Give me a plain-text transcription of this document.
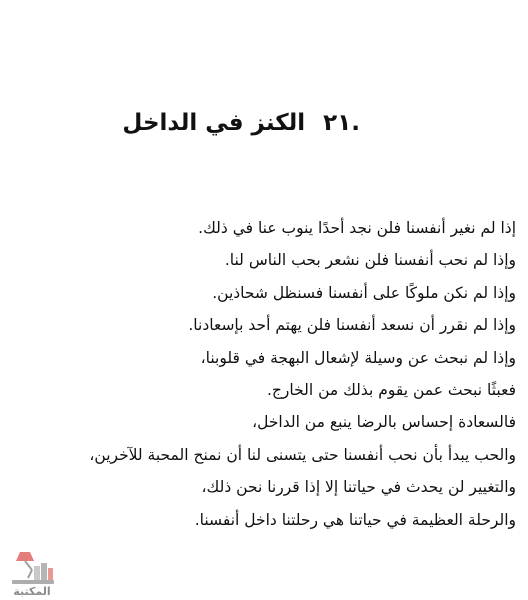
.٢١ الكنز في الداخل
إذا لم نغير أنفسنا فلن نجد أحدًا ينوب عنا في ذلك.
وإذا لم نحب أنفسنا فلن نشعر بحب الناس لنا.
وإذا لم نكن ملوكًا على أنفسنا فسنظل شحاذين.
وإذا لم نقرر أن نسعد أنفسنا فلن يهتم أحد بإسعادنا.
وإذا لم نبحث عن وسيلة لإشعال البهجة في قلوبنا،
فعبثًا نبحث عمن يقوم بذلك من الخارج.
فالسعادة إحساس بالرضا ينبع من الداخل،
والحب يبدأ بأن نحب أنفسنا حتى يتسنى لنا أن نمنح المحبة للآخرين،
والتغيير لن يحدث في حياتنا إلا إذا قررنا نحن ذلك،
والرحلة العظيمة في حياتنا هي رحلتنا داخل أنفسنا.
المكتبة
